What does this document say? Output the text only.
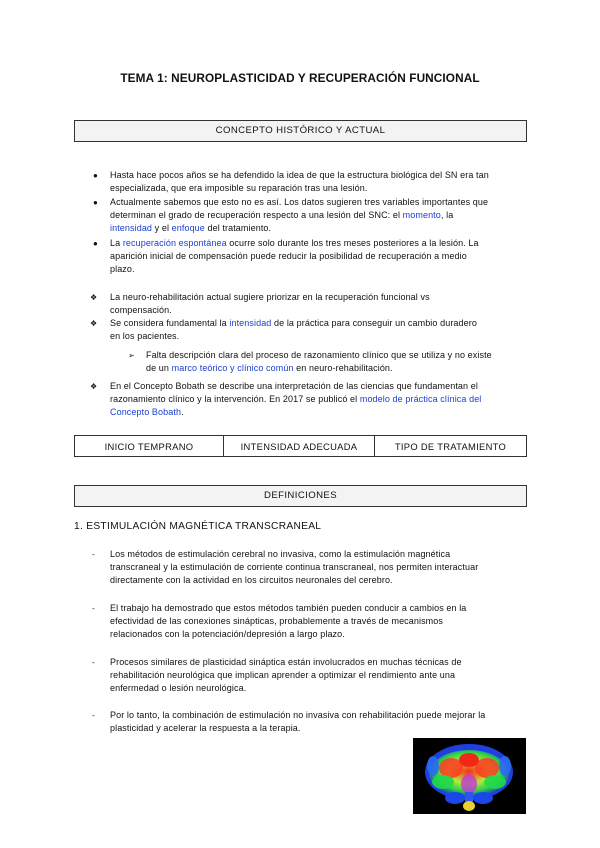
TEMA 1: NEUROPLASTICIDAD Y RECUPERACIÓN FUNCIONAL
CONCEPTO HISTÓRICO Y ACTUAL
● Hasta hace pocos años se ha defendido la idea de que la estructura biológica del SN era tan
especializada, que era imposible su reparación tras una lesión.
● Actualmente sabemos que esto no es así. Los datos sugieren tres variables importantes que
determinan el grado de recuperación respecto a una lesión del SNC: el momento, la
intensidad y el enfoque del tratamiento.
● La recuperación espontánea ocurre solo durante los tres meses posteriores a la lesión. La
aparición inicial de compensación puede reducir la posibilidad de recuperación a medio
plazo.
❖ La neuro-rehabilitación actual sugiere priorizar en la recuperación funcional vs
compensación.
❖ Se considera fundamental la intensidad de la práctica para conseguir un cambio duradero
en los pacientes.
➢ Falta descripción clara del proceso de razonamiento clínico que se utiliza y no existe
de un marco teórico y clínico común en neuro-rehabilitación.
❖ En el Concepto Bobath se describe una interpretación de las ciencias que fundamentan el
razonamiento clínico y la intervención. En 2017 se publicó el modelo de práctica clínica del
Concepto Bobath.
INICIO TEMPRANO	INTENSIDAD ADECUADA	TIPO DE TRATAMIENTO
DEFINICIONES
1. ESTIMULACIÓN MAGNÉTICA TRANSCRANEAL
- Los métodos de estimulación cerebral no invasiva, como la estimulación magnética
transcraneal y la estimulación de corriente continua transcraneal, nos permiten interactuar
directamente con la actividad en los circuitos neuronales del cerebro.
- El trabajo ha demostrado que estos métodos también pueden conducir a cambios en la
efectividad de las conexiones sinápticas, probablemente a través de mecanismos
relacionados con la potenciación/depresión a largo plazo.
- Procesos similares de plasticidad sináptica están involucrados en muchas técnicas de
rehabilitación neurológica que implican aprender a optimizar el rendimiento ante una
enfermedad o lesión neurológica.
- Por lo tanto, la combinación de estimulación no invasiva con rehabilitación puede mejorar la
plasticidad y acelerar la respuesta a la terapia.
